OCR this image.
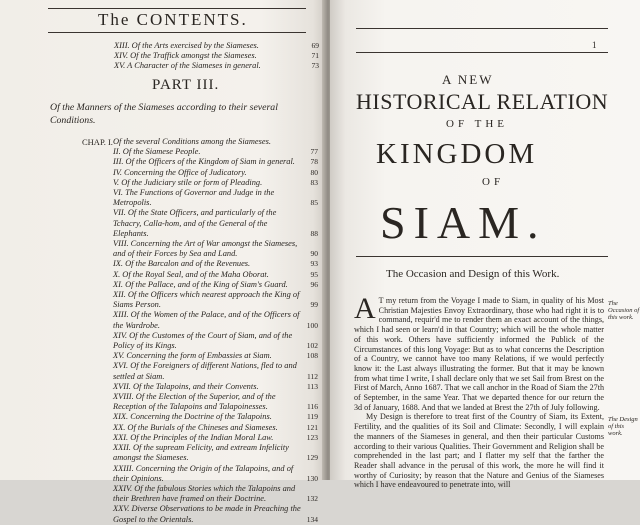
The CONTENTS.
XIII. Of the Arts exercised by the Siameses.	69
XIV. Of the Traffick amongst the Siameses.	71
XV. A Character of the Siameses in general.	73
PART III.
Of the Manners of the Siameses according to their several
Conditions.
CHAP. I. Of the several Conditions among the Siameses.
II. Of the Siamese People.	77
III. Of the Officers of the Kingdom of Siam in general. 78
IV. Concerning the Office of Judicatory.	80
V. Of the Judiciary stile or form of Pleading.	83
VI. The Functions of Governor and Judge in the Metropolis.	85
VII. Of the State Officers, and particularly of the Tchacry, Calla-hom, and of the General of the Elephants.	88
VIII. Concerning the Art of War amongst the Siameses, and of their Forces by Sea and Land.	90
IX. Of the Barcalon and of the Revenues.	93
X. Of the Royal Seal, and of the Maha Oborat.	95
XI. Of the Pallace, and of the King of Siam's Guard.	96
XII. Of the Officers which nearest approach the King of Siams Person.	99
XIII. Of the Women of the Palace, and of the Officers of the Wardrobe.	100
XIV. Of the Customes of the Court of Siam, and of the Policy of its Kings.	102
XV. Concerning the form of Embassies at Siam.	108
XVI. Of the Foreigners of different Nations, fled to and settled at Siam.	112
XVII. Of the Talapoins, and their Convents.	113
XVIII. Of the Election of the Superior, and of the Reception of the Talapoins and Talapoinesses.	116
XIX. Concerning the Doctrine of the Talapoins.	119
XX. Of the Burials of the Chineses and Siameses.	121
XXI. Of the Principles of the Indian Moral Law.	123
XXII. Of the supream Felicity, and extream Infelicity amongst the Siameses.	129
XXIII. Concerning the Origin of the Talapoins, and of their Opinions.	130
XXIV. Of the fabulous Stories which the Talapoins and their Brethren have framed on their Doctrine.	132
XXV. Diverse Observations to be made in Preaching the Gospel to the Orientals.	134
1
A NEW
HISTORICAL RELATION
OF THE
KINGDOM
OF
SIAM.
The Occasion and Design of this Work.
A T my return from the Voyage I made to Siam, in quality of his Most Christian Majesties Envoy Extraordinary, those who had right it is to command, requir'd me to render them an exact account of the things, which I had seen or learn'd in that Country; which will be the whole matter of this work. Others have sufficiently informed the Publick of the Circumstances of this long Voyage: But as to what concerns the Description of a Country, we cannot have too many Relations, if we would perfectly know it: the Last always illustrating the former. But that it may be known from what time I write, I shall declare only that we set Sail from Brest on the First of March, Anno 1687. That we call anchor in the Road of Siam the 27th of September, in the same Year. That we departed thence for our return the 3d of January, 1688. And that we landed at Brest the 27th of July following.
My Design is therefore to treat first of the Country of Siam, its Extent, Fertility, and the qualities of its Soil and Climate: Secondly, I will explain the manners of the Siameses in general, and then their particular Customs according to their various Qualities. Their Government and Religion shall be comprehended in the last part; and I flatter my self that the farther the Reader shall advance in the perusal of this work, the more he will find it worthy of Curiosity; by reason that the Nature and Genius of the Siameses which I have endeavoured to penetrate into, will
The Occasion of this work.
The Design of this work.
